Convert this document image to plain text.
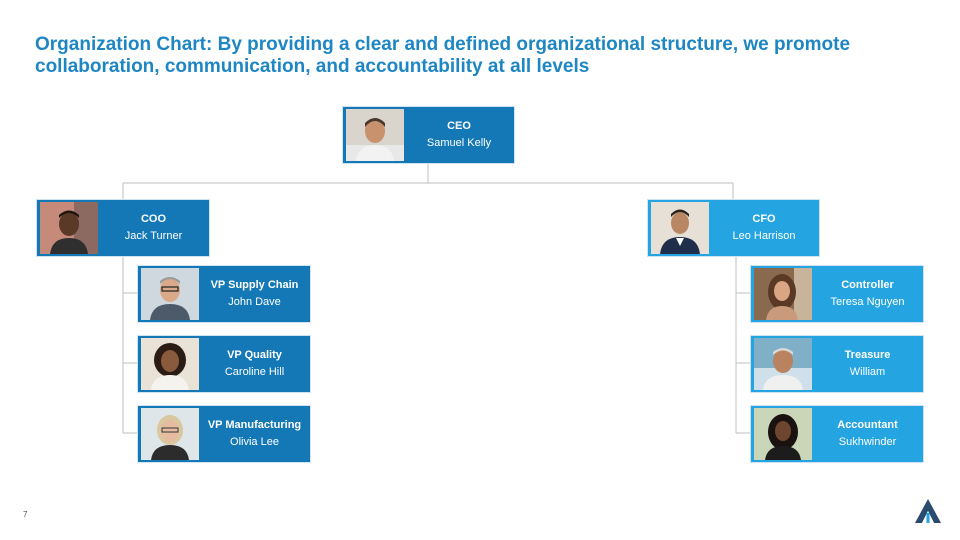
Organization Chart: By providing a clear and defined organizational structure, we promote collaboration, communication, and accountability at all levels
CEO
Samuel Kelly
COO
Jack Turner
CFO
Leo Harrison
VP Supply Chain
John Dave
VP Quality
Caroline Hill
VP Manufacturing
Olivia Lee
Controller
Teresa Nguyen
Treasure
William
Accountant
Sukhwinder
7
